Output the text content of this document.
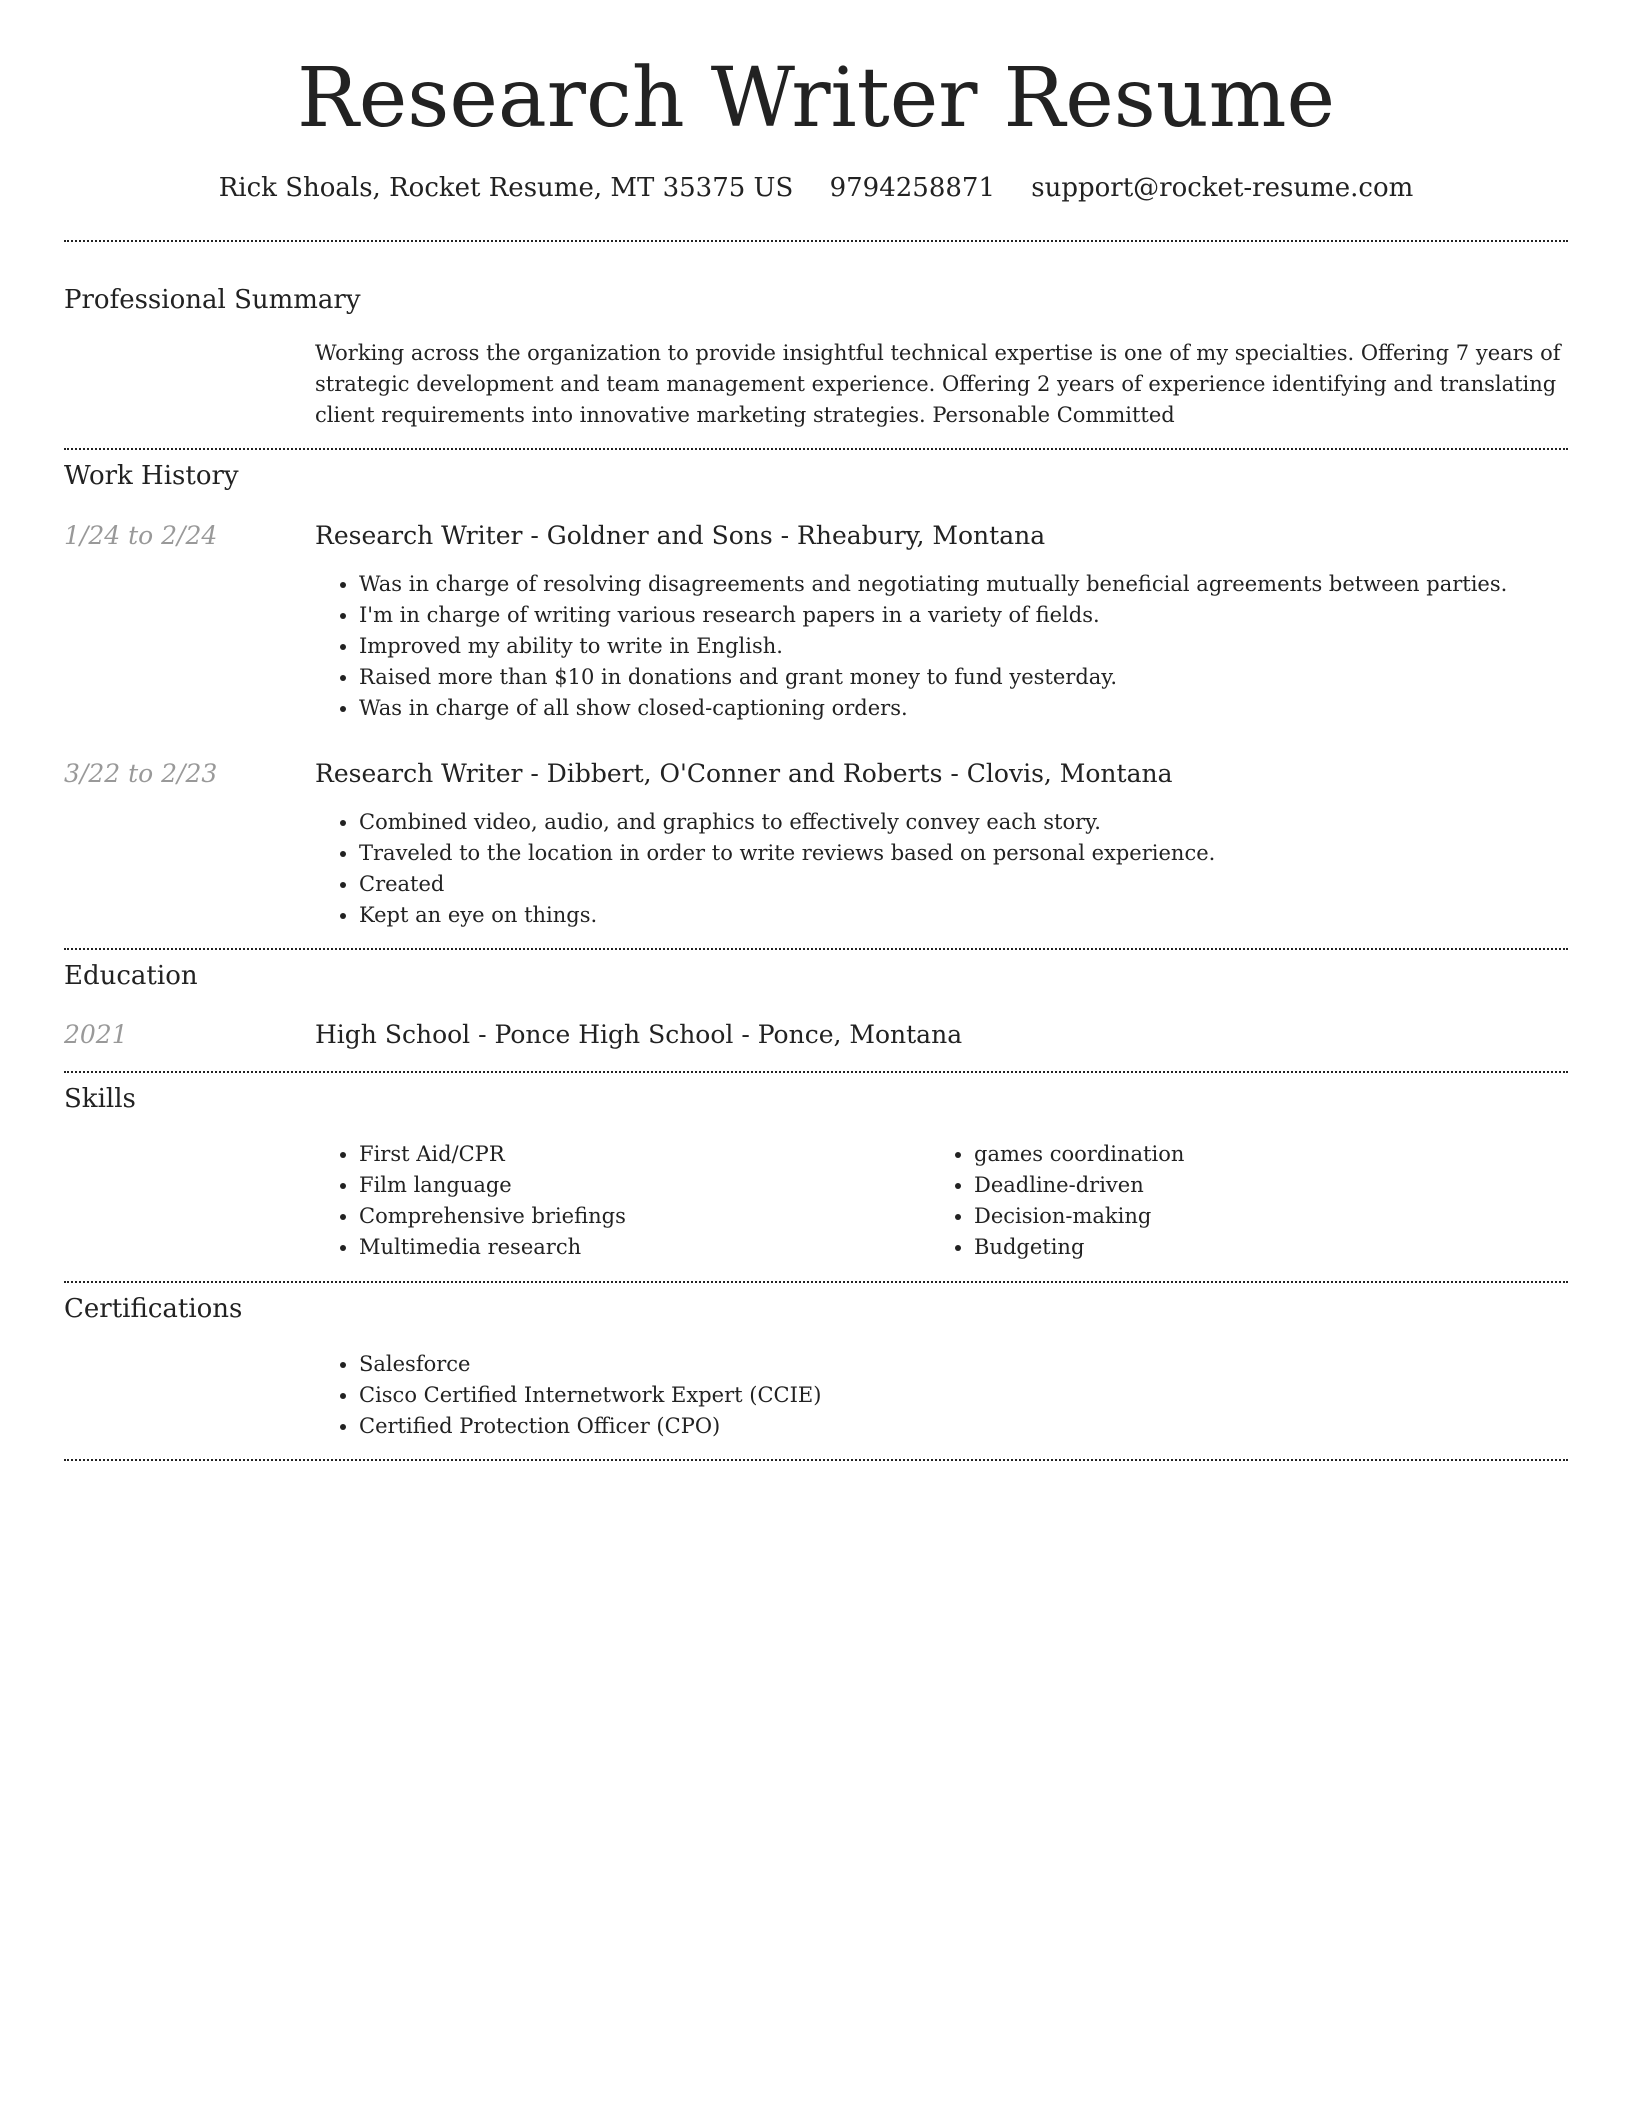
Research Writer Resume
Rick Shoals, Rocket Resume, MT 35375 US 9794258871 support@rocket-resume.com
Professional Summary
Working across the organization to provide insightful technical expertise is one of my specialties. Offering 7 years of strategic development and team management experience. Offering 2 years of experience identifying and translating client requirements into innovative marketing strategies. Personable Committed
Work History
1/24 to 2/24	Research Writer - Goldner and Sons - Rheabury, Montana
• Was in charge of resolving disagreements and negotiating mutually beneficial agreements between parties.
• I'm in charge of writing various research papers in a variety of fields.
• Improved my ability to write in English.
• Raised more than $10 in donations and grant money to fund yesterday.
• Was in charge of all show closed-captioning orders.
3/22 to 2/23	Research Writer - Dibbert, O'Conner and Roberts - Clovis, Montana
• Combined video, audio, and graphics to effectively convey each story.
• Traveled to the location in order to write reviews based on personal experience.
• Created
• Kept an eye on things.
Education
2021	High School - Ponce High School - Ponce, Montana
Skills
• First Aid/CPR
• Film language
• Comprehensive briefings
• Multimedia research
• games coordination
• Deadline-driven
• Decision-making
• Budgeting
Certifications
• Salesforce
• Cisco Certified Internetwork Expert (CCIE)
• Certified Protection Officer (CPO)
